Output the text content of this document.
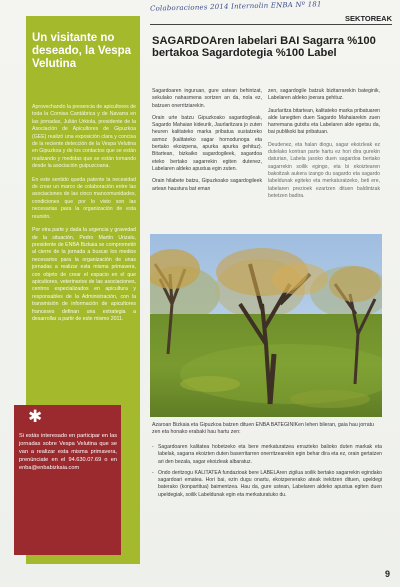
Colaboraciones 2014 Internolin ENBA Nº 181
SEKTOREAK
Un visitante no deseado, la Vespa Velutina

Aprovechando la presencia de apicultores de toda la Cornisa Cantábrica y de Navarra en las jornadas, Julián Urkiola, presidente de la Asociación de Apicultores de Gipuzkoa (GEE) realizó una exposición clara y concisa de la reciente detección de la Vespa Velutina en Gipuzkoa y de los contactos que se están realizando y medidas que se están tomando desde la asociación guipuzcoana.

En este sentido queda patente la necesidad de crear un marco de colaboración entre las asociaciones de las cinco mancomunidades, condiciones que por lo visto son las necesarias para la organización de esta reunión.

Por otra parte y dada la urgencia y gravedad de la situación, Pedro Martín Urizalu, presidente de ENBA Bizkaia se comprometió al cierre de la jornada a buscar los medios necesarios para la organización de unas jornadas a realizar esta misma primavera, con objeto de crear el espacio en el que apicultores, veterinarios de las asociaciones, centros especializados en apicultura y responsables de la Administración, con la transmisión de información de apicultores franceses definan una estrategia a desarrollar a partir de este mismo 2011.

✱
Si estás interesado en participar en las jornadas sobre Vespa Velutina que se van a realizar esta misma primavera, prenúnciate en el 94.630.07.69 o en enba@enbabizkaia.com
SAGARDOAren labelari BAI Sagarra %100 bertakoa Sagardotegia %100 Label

Sagardoaren inguruan, gure ustean behintzat, sekulako nahasmena sortzen an da, nola ez, batzuen onerritziarekin.

Orain urte batzu Gipuzkoako sagardogileak, Sagardo Mahaian kideurik, Jaurlaritzara jo zuten heuren kalitateko marka pribatua sustatzeko asmoz (kalitateko sagar hornodunoga eta bertako ekoizpena, apurka apurka gehituz). Bitartean, bizkaiko sagardogileek, sagardoa eteko bertako sagarrekin egiten dutenez, Labelaren aldeko apustua egin zuten.

Orain hilabete batzu, Gipuzkoako sagardogileek artean haustura bat eman

zen, sagardogile batzuk bizitarrarekin bateginik, Labelaren aldeko joerara gehituz.

Jaurlaritza bitartean, kalitateko marka pribatuaren alde lanegiten duen Sagardo Mahaiarekin zuen harremana gutxitu eta Labelaren alde egetsu da, bai publikoki bai pribatuan.

Deudenez, eta halan diogu, sagar ekoizleak ez dutelako kontran parte hartu ez hori dira gurekin daturian, Labela jasoko duen sagardoa bertako sagarrekin soilik egingo, eta bi ekoiztearen bakoitzak aukera izango du sagardo eta sagardo labeldunak egiteko eta merkaturatzeko, beti ere, labelaren prezioek ezartzen dituen baldintzak betetzen badira.

Azaroan Bizkaia eta Gipuzkoa batzen dituen ENBA BATEGINIKen lehen bileran, gaia hau jorratu zen eta honako erabaki hau hartu zen:
- Sagardoaren kalitatea hobetzeko eta bere merkaturatzea errazteko balioko duten markak eta labelak, sagarra ekoizten duten baserritarren onerritzearekin egin behar dira eta ez, orain gertatzen ari den bezala, sagar ekoizleak albaratuz.
- Ondo deritzogu KALITATEA fundazioak bere LABELAren zigilua soilik bertako sagarrekin egindako sagardoari ematea. Hori bai, ezin dugu onartu, ekoizpenerako ateak irekitzen dituen, upeldegi baterako (konpartitua) baimentzea. Hau da, gure ustean, Labelaren aldeko apustua egiten duen upeldegiak, soilik Labeldunak egin eta merkaturatuko du.
9
